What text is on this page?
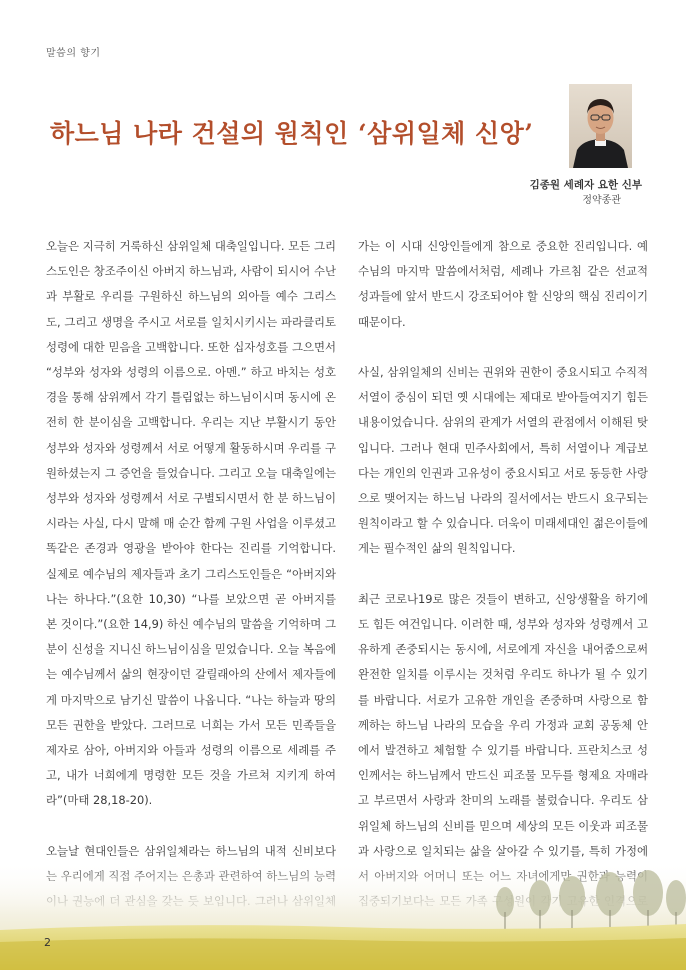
말씀의 향기
하느님 나라 건설의 원칙인 ‘삼위일체 신앙’
김종원 세례자 요한 신부
정약종관

오늘은 지극히 거룩하신 삼위일체 대축일입니다. 모든 그리스도인은 창조주이신 아버지 하느님과, 사람이 되시어 수난과 부활로 우리를 구원하신 하느님의 외아들 예수 그리스도, 그리고 생명을 주시고 서로를 일치시키시는 파라클리토 성령에 대한 믿음을 고백합니다. 또한 십자성호를 그으면서 “성부와 성자와 성령의 이름으로. 아멘.” 하고 바치는 성호경을 통해 삼위께서 각기 틀림없는 하느님이시며 동시에 온전히 한 분이심을 고백합니다. 우리는 지난 부활시기 동안 성부와 성자와 성령께서 서로 어떻게 활동하시며 우리를 구원하셨는지 그 증언을 들었습니다. 그리고 오늘 대축일에는 성부와 성자와 성령께서 서로 구별되시면서 한 분 하느님이시라는 사실, 다시 말해 매 순간 함께 구원 사업을 이루셨고 똑같은 존경과 영광을 받아야 한다는 진리를 기억합니다. 실제로 예수님의 제자들과 초기 그리스도인들은 “아버지와 나는 하나다.”(요한 10,30) “나를 보았으면 곧 아버지를 본 것이다.”(요한 14,9) 하신 예수님의 말씀을 기억하며 그분이 신성을 지니신 하느님이심을 믿었습니다. 오늘 복음에는 예수님께서 삶의 현장이던 갈릴래아의 산에서 제자들에게 마지막으로 남기신 말씀이 나옵니다. “나는 하늘과 땅의 모든 권한을 받았다. 그러므로 너희는 가서 모든 민족들을 제자로 삼아, 아버지와 아들과 성령의 이름으로 세례를 주고, 내가 너희에게 명령한 모든 것을 가르쳐 지키게 하여라”(마태 28,18-20).

오늘날 현대인들은 삼위일체라는 하느님의 내적 신비보다

가는 이 시대 신앙인들에게 참으로 중요한 진리입니다. 예수님의 마지막 말씀에서처럼, 세례나 가르침 같은 선교적 성과들에 앞서 반드시 강조되어야 할 신앙의 핵심 진리이기 때문이다.

사실, 삼위일체의 신비는 권위와 권한이 중요시되고 수직적 서열이 중심이 되던 옛 시대에는 제대로 받아들여지기 힘든 내용이었습니다. 삼위의 관계가 서열의 관점에서 이해된 탓입니다. 그러나 현대 민주사회에서, 특히 서열이나 계급보다는 개인의 인권과 고유성이 중요시되고 서로 동등한 사랑으로 맺어지는 하느님 나라의 질서에서는 반드시 요구되는 원칙이라고 할 수 있습니다. 더욱이 미래세대인 젊은이들에게는 필수적인 삶의 원칙입니다.

최근 코로나19로 많은 것들이 변하고, 신앙생활을 하기에도 힘든 여건입니다. 이러한 때, 성부와 성자와 성령께서 고유하게 존중되시는 동시에, 서로에게 자신을 내어줌으로써 완전한 일치를 이루시는 것처럼 우리도 하나가 될 수 있기를 바랍니다. 서로가 고유한 개인을 존중하며 사랑으로 함께하는 하느님 나라의 모습을 우리 가정과 교회 공동체 안에서 발견하고 체험할 수 있기를 바랍니다. 프란치스코 성인께서는 하느님께서 만드신 피조물 모두를 형제요 자매라고 부르면서 사랑과 찬미의 노래를 불렀습니다. 우리도 삼위일체 하느님의 신비를 믿으며 세상의 모든 이웃과 피조물과 사랑으로 일치되는 삶을 살아갈 수 있기를, 특히 가정에

2
